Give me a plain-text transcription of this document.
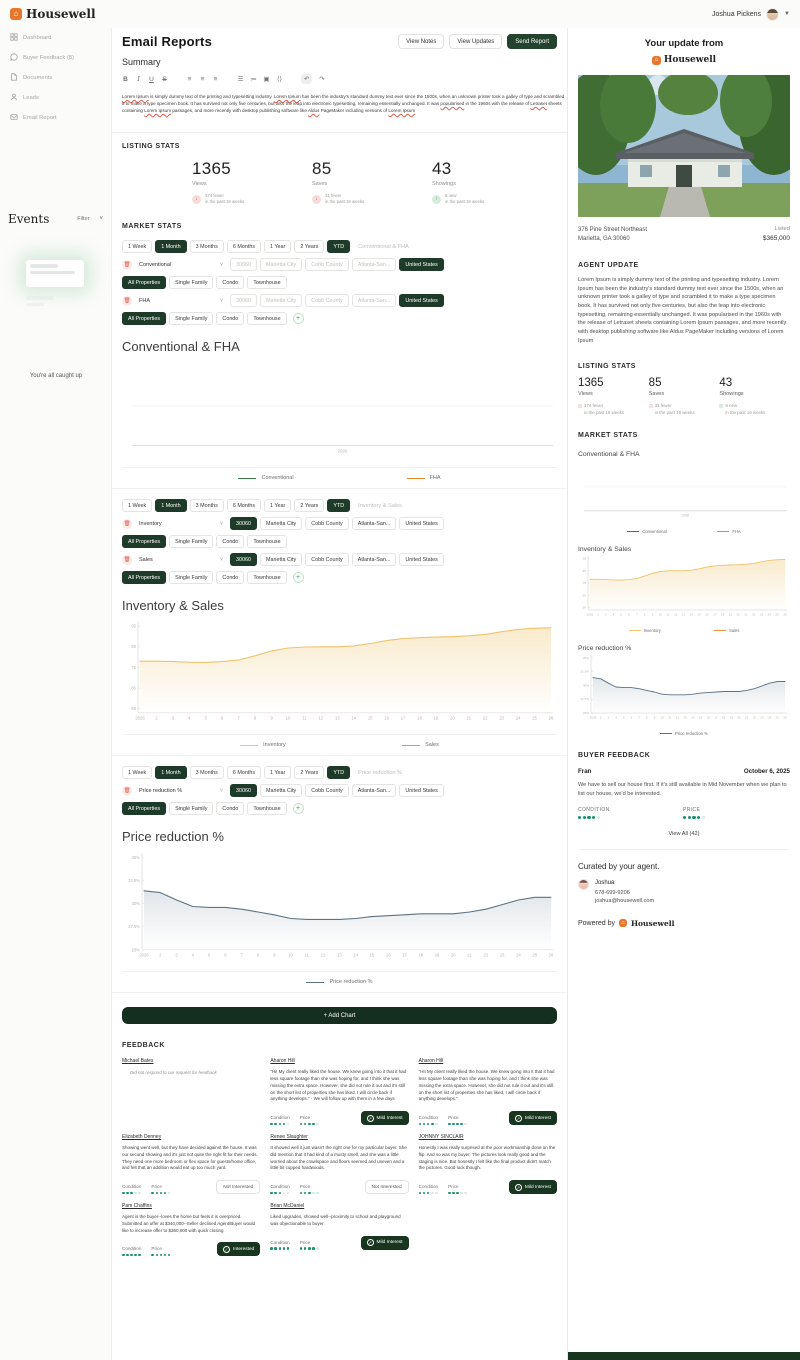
⌂ Housewell	Joshua Pickens	▼
Dashboard
Buyer Feedback (8)
Documents
Leads
Email Report
Events	Filter ˅
You're all caught up
Email Reports	View Notes	View Updates	Send Report
Summary
B	I	U S	≡ ≡ ≡	☰ ≔ ▣ ⟨⟩	↶	↷
Lorem Ipsum is simply dummy text of the printing and typesetting industry. Lorem Ipsum has been the industry's standard dummy text ever since the 1500s, when an unknown printer took a galley of type and scrambled it to make a type specimen book. It has survived not only five centuries, but also the leap into electronic typesetting, remaining essentially unchanged. It was popularised in the 1960s with the release of Letraset sheets containing Lorem Ipsum passages, and more recently with desktop publishing software like Aldus PageMaker including versions of Lorem Ipsum
LISTING STATS
1365
Views
↓
374 fewer
in the past 19 weeks
85
Saves
↓
31 fewer
in the past 19 weeks
43
Showings
↑
8 new
in the past 19 weeks
MARKET STATS
1 Week	1 Month	3 Months	6 Months	1 Year	2 Years	YTD	Conventional & FHA
🗑 Conventional	˅	30060	Marietta City	Cobb County	Atlanta-San...	United States
All Properties	Single Family	Condo	Townhouse
🗑 FHA	˅	30060	Marietta City	Cobb County	Atlanta-San...	United States
All Properties	Single Family	Condo	Townhouse	+
Conventional & FHA
2026
Conventional	FHA
1 Week	1 Month	3 Months	6 Months	1 Year	2 Years	YTD	Inventory & Sales
🗑 Inventory	˅	30060	Marietta City	Cobb County	Atlanta-San...	United States
All Properties	Single Family	Condo	Townhouse
🗑 Sales	˅	30060	Marietta City	Cobb County	Atlanta-San...	United States
All Properties	Single Family	Condo	Townhouse	+
Inventory & Sales
95
85
75
65
55
2026	2	3	4	5	6	7	8	9	10	11	12	13	14	15	16	17	18	19	20	21	22	23	24	25	26
Inventory	Sales
1 Week	1 Month	3 Months	6 Months	1 Year	2 Years	YTD	Price reduction %
🗑 Price reduction %	˅	30060	Marietta City	Cobb County	Atlanta-San...	United States
All Properties	Single Family	Condo	Townhouse	+
Price reduction %
35%
32.5%
30%
27.5%
25%
2026 2	3	4	5	6	7	8	9	10	11	12	13	14	15	16	17	18	19	20	21	22	23	24	25	26
Price reduction %
+ Add Chart
FEEDBACK
Michael Bates
Did not respond to our request for feedback
Aharon Hill
"Hi! My client really liked the house. We knew going into it that it had less square footage than she was hoping for, and I think she was missing the extra space. However, she did not rule it out and it's still on the short list of properties she has liked. I will circle back if anything develops." - We will follow up with them in a few days
Condition Price	↗	Mild Interest
Aharon Hill
"Hi! My client really liked the house. We knew going into it that it had less square footage than she was hoping for, and I think she was missing the extra space. However, she did not rule it out and it's still on the short list of properties she has liked, I will circle back if anything develops."
Condition Price	↗	Mild Interest
Elizabeth Denney
Showing went well, but they have decided against the house. It was our second showing and it's just not quite the right fit for their needs. They need one more bedroom or flex space for guests/home office, and felt that an addition would eat up too much yard.
Condition Price	Not Interested
Renee Slaughter
It showed well it just wasn't the right one for my particular buyer. She did mention that it had kind of a musty smell, and she was a little worried about the crawlspace and floors seemed and uneven and a little bit cupped hardwoods.
Condition Price	Not Interested
JOHNNY SINCLAIR
Honestly I was really surprised at the poor workmanship done on the flip. And so was my buyer. The pictures look really good and the staging is nice. But honestly I felt like the final product didn't match the pictures. Good luck though.
Condition Price	↗	Mild Interest
Pam Chaffins
Agent is the buyer--loves the home but feels it is overpriced. Submitted an offer at $340,000--Seller declined Agent/Buyer would like to increase offer to $360,000 with quick closing
Condition Price	✓	Interested
Brian McDaniel
Liked upgrades, showed well--proximity to school and playground was objectionable to buyer
Condition Price	↗	Mild Interest
Your update from
⌂ Housewell
376 Pine Street Northeast
Marietta, GA 30060
Listed
$365,000
AGENT UPDATE
Lorem Ipsum is simply dummy text of the printing and typesetting industry. Lorem Ipsum has been the industry's standard dummy text ever since the 1500s, when an unknown printer took a galley of type and scrambled it to make a type specimen book. It has survived not only five centuries, but also the leap into electronic typesetting, remaining essentially unchanged. It was popularised in the 1960s with the release of Letraset sheets containing Lorem Ipsum passages, and more recently with desktop publishing software like Aldus PageMaker including versions of Lorem Ipsum
LISTING STATS
1365
Views
374 fewer
in the past 19 weeks
85
Saves
31 fewer
in the past 19 weeks
43
Showings
8 new
in the past 19 weeks
MARKET STATS
Conventional & FHA
2026
Conventional	FHA
Inventory & Sales
95
85
75
65
55
2026 2 3 4 5 6 7 8 9 10 11 12 13 14 15 16 17 18 19 20 21 22 23 24 25 26
Inventory	Sales
Price reduction %
35%
32.5%
30%
27.5%
25%
2026 2 3 4 5 6 7 8 9 10 11 12 13 14 15 16 17 18 19 20 21 22 23 24 25 26
Price reduction %
BUYER FEEDBACK
Fran	October 6, 2025
We have to sell our house first. If it's still available in Mid November when we plan to list our house, we'd be interested.
CONDITION	PRICE
View All (42)
Curated by your agent.
Joshua
678-699-9206
joshua@housewell.com
Powered by	⌂ Housewell
